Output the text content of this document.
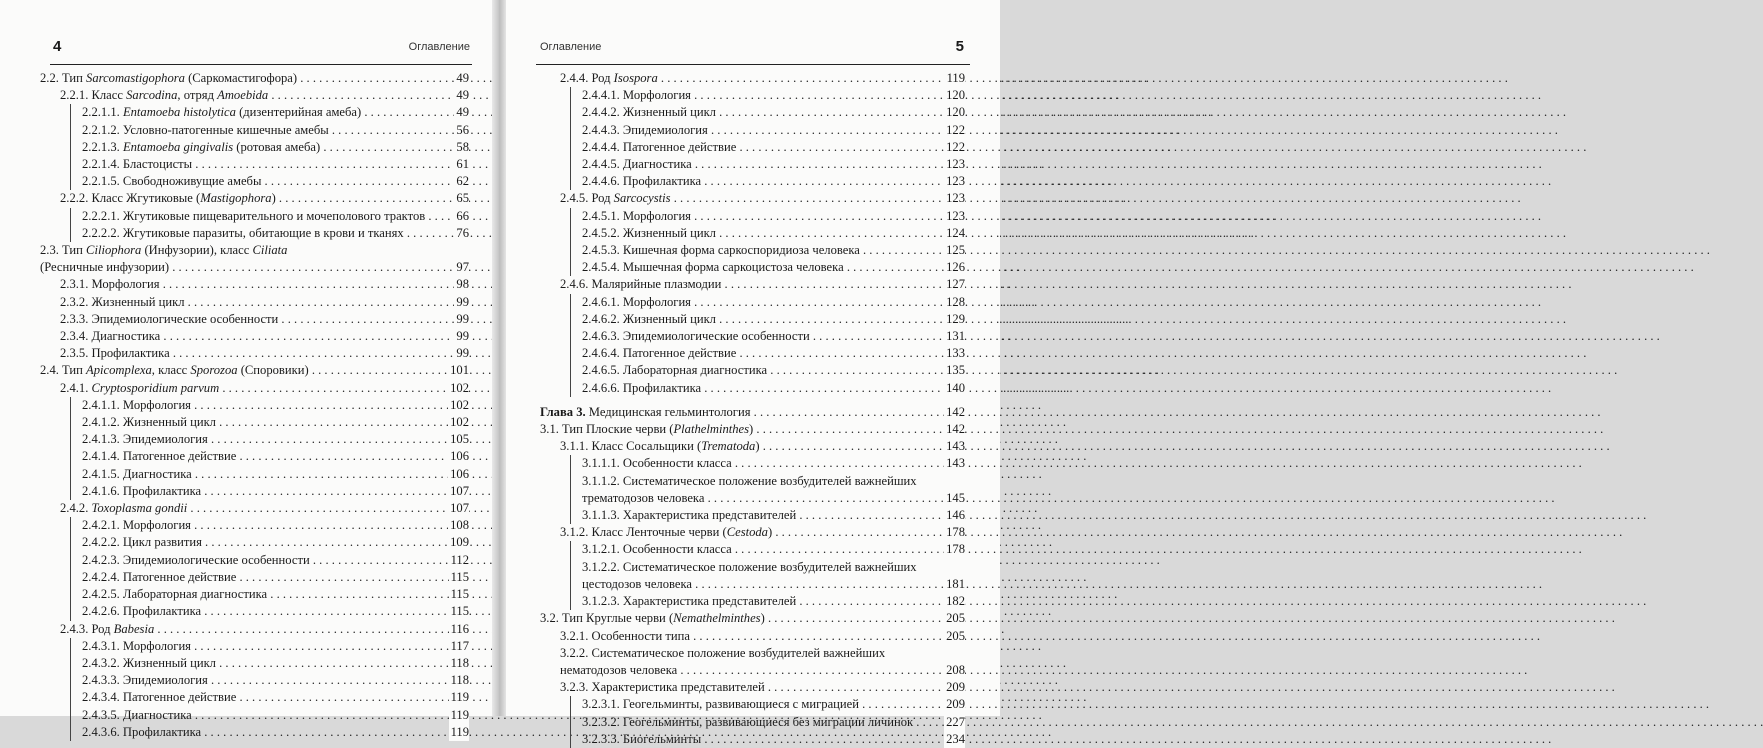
4	Оглавление
2.2. Тип Sarcomastigophora (Саркомастигофора) . . .	49
2.2.1. Класс Sarcodina, отряд Amoebida . . .	49
2.2.1.1. Entamoeba histolytica (дизентерийная амеба) . . .	49
2.2.1.2. Условно-патогенные кишечные амебы . . .	56
2.2.1.3. Entamoeba gingivalis (ротовая амеба) . . .	58
2.2.1.4. Бластоцисты . . .	61
2.2.1.5. Свободноживущие амебы . . .	62
2.2.2. Класс Жгутиковые (Mastigophora) . . .	65
2.2.2.1. Жгутиковые пищеварительного и мочеполового трактов . . . 66
2.2.2.2. Жгутиковые паразиты, обитающие в крови и тканях . . .	76
2.3. Тип Ciliophora (Инфузории), класс Ciliata
(Ресничные инфузории) . . .	97
2.3.1. Морфология . . .	98
2.3.2. Жизненный цикл . . .	99
2.3.3. Эпидемиологические особенности . . .	99
2.3.4. Диагностика . . .	99
2.3.5. Профилактика . . .	99
2.4. Тип Apicomplexa, класс Sporozoa (Споровики) . . .	101
2.4.1. Cryptosporidium parvum . . .	102
2.4.1.1. Морфология . . .	102
2.4.1.2. Жизненный цикл . . .	102
2.4.1.3. Эпидемиология . . .	105
2.4.1.4. Патогенное действие . . .	106
2.4.1.5. Диагностика . . .	106
2.4.1.6. Профилактика . . .	107
2.4.2. Toxoplasma gondii . . .	107
2.4.2.1. Морфология . . .	108
2.4.2.2. Цикл развития . . .	109
2.4.2.3. Эпидемиологические особенности . . .	112
2.4.2.4. Патогенное действие . . .	115
2.4.2.5. Лабораторная диагностика . . .	115
2.4.2.6. Профилактика . . .	115
2.4.3. Род Babesia . . .	116
2.4.3.1. Морфология . . .	117
2.4.3.2. Жизненный цикл . . .	118
2.4.3.3. Эпидемиология . . .	118
2.4.3.4. Патогенное действие . . .	119
2.4.3.5. Диагностика . . .	119
2.4.3.6. Профилактика . . .	119
5
Оглавление
2.4.4. Род Isospora . . .	119
2.4.4.1. Морфология . . .	120
2.4.4.2. Жизненный цикл . . .	120
2.4.4.3. Эпидемиология . . .	122
2.4.4.4. Патогенное действие . . .	122
2.4.4.5. Диагностика . . .	123
2.4.4.6. Профилактика . . .	123
2.4.5. Род Sarcocystis . . .	123
2.4.5.1. Морфология . . .	123
2.4.5.2. Жизненный цикл . . .	124
2.4.5.3. Кишечная форма саркоспоридиоза человека . . .	125
2.4.5.4. Мышечная форма саркоцистоза человека . . .	126
2.4.6. Малярийные плазмодии . . .	127
2.4.6.1. Морфология . . .	128
2.4.6.2. Жизненный цикл . . .	129
2.4.6.3. Эпидемиологические особенности . . .	131
2.4.6.4. Патогенное действие . . .	133
2.4.6.5. Лабораторная диагностика . . .	135
2.4.6.6. Профилактика . . .	140
Глава 3. Медицинская гельминтология . . .	142
3.1. Тип Плоские черви (Plathelminthes) . . .	142
3.1.1. Класс Сосальщики (Trematoda) . . .	143
3.1.1.1. Особенности класса . . .	143
3.1.1.2. Систематическое положение возбудителей важнейших
трематодозов человека . . .	145
3.1.1.3. Характеристика представителей . . .	146
3.1.2. Класс Ленточные черви (Cestoda) . . .	178
3.1.2.1. Особенности класса . . .	178
3.1.2.2. Систематическое положение возбудителей важнейших
цестодозов человека . . .	181
3.1.2.3. Характеристика представителей . . .	182
3.2. Тип Круглые черви (Nemathelminthes) . . .	205
3.2.1. Особенности типа . . .	205
3.2.2. Систематическое положение возбудителей важнейших
нематодозов человека . . .	208
3.2.3. Характеристика представителей . . .	209
3.2.3.1. Геогельминты, развивающиеся с миграцией . . .	209
3.2.3.2. Геогельминты, развивающиеся без миграции личинок . . .	227
3.2.3.3. Биогельминты . . .	234
